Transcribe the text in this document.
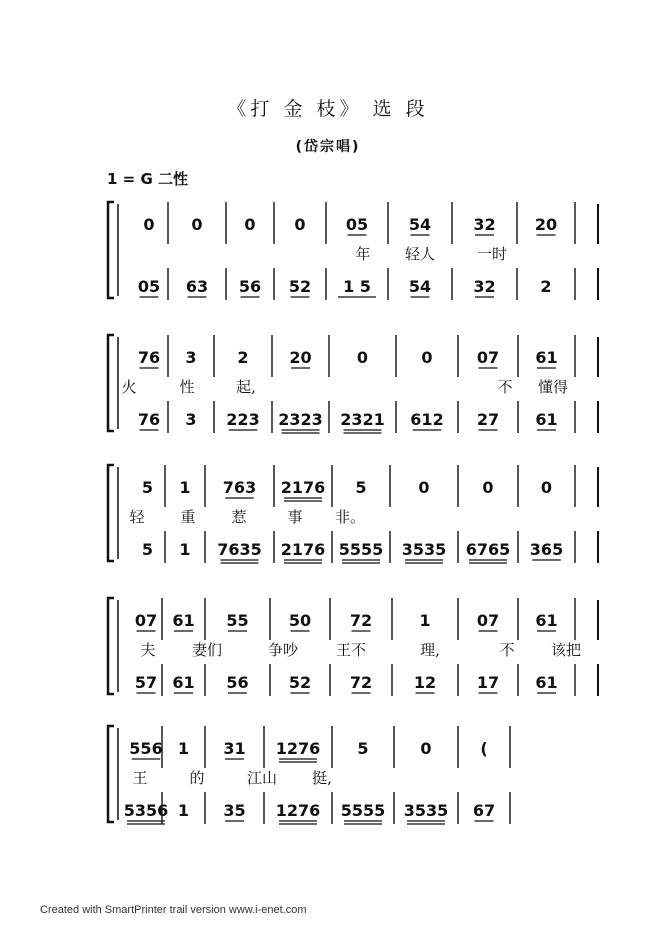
《打 金 枝》 选 段
(岱宗唱)
1 = G 二性
0 0	0 0	05	54	32 20
05 63 56 52 1 5 54	32	2
年 轻人	一时
76 3	2	20	0	0	07 61
76 3 223 2323 2321 612 27 61
火	性	起,	不 懂得
5 1 763 2176 5	0	0	0
5 1 7635 2176 5555 3535 6765 365
轻 重 惹	事 非。
07 61 55	50 72	1	07 61
57 61 56	52 72	12	17 61
夫 妻们	争吵	王不	理,	不 该把
556 1 31 1276 5	0	(
5356 1 35 1276 5555 3535 67
王	的	江山 挺,
Created with SmartPrinter trail version www.i-enet.com
